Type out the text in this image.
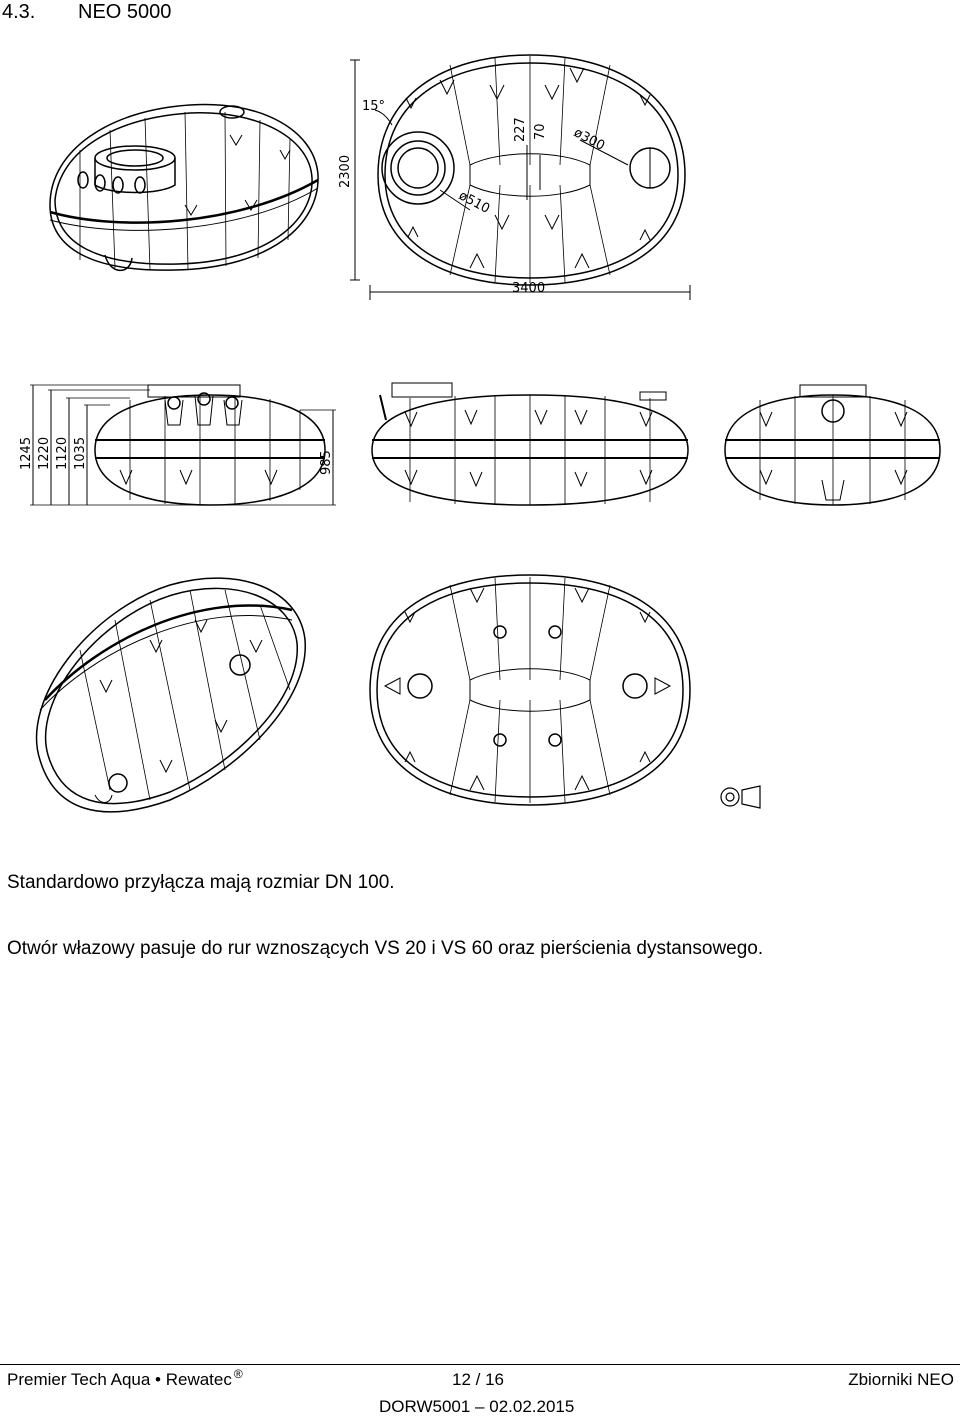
4.3. NEO 5000
15°
2300
3400
227 70 ø300
ø510
1245 1220 1120 1035	985
Standardowo przyłącza mają rozmiar DN 100.
Otwór włazowy pasuje do rur wznoszących VS 20 i VS 60 oraz pierścienia dystansowego.
Premier Tech Aqua • Rewatec ®	12 / 16	Zbiorniki NEO
DORW5001 – 02.02.2015
